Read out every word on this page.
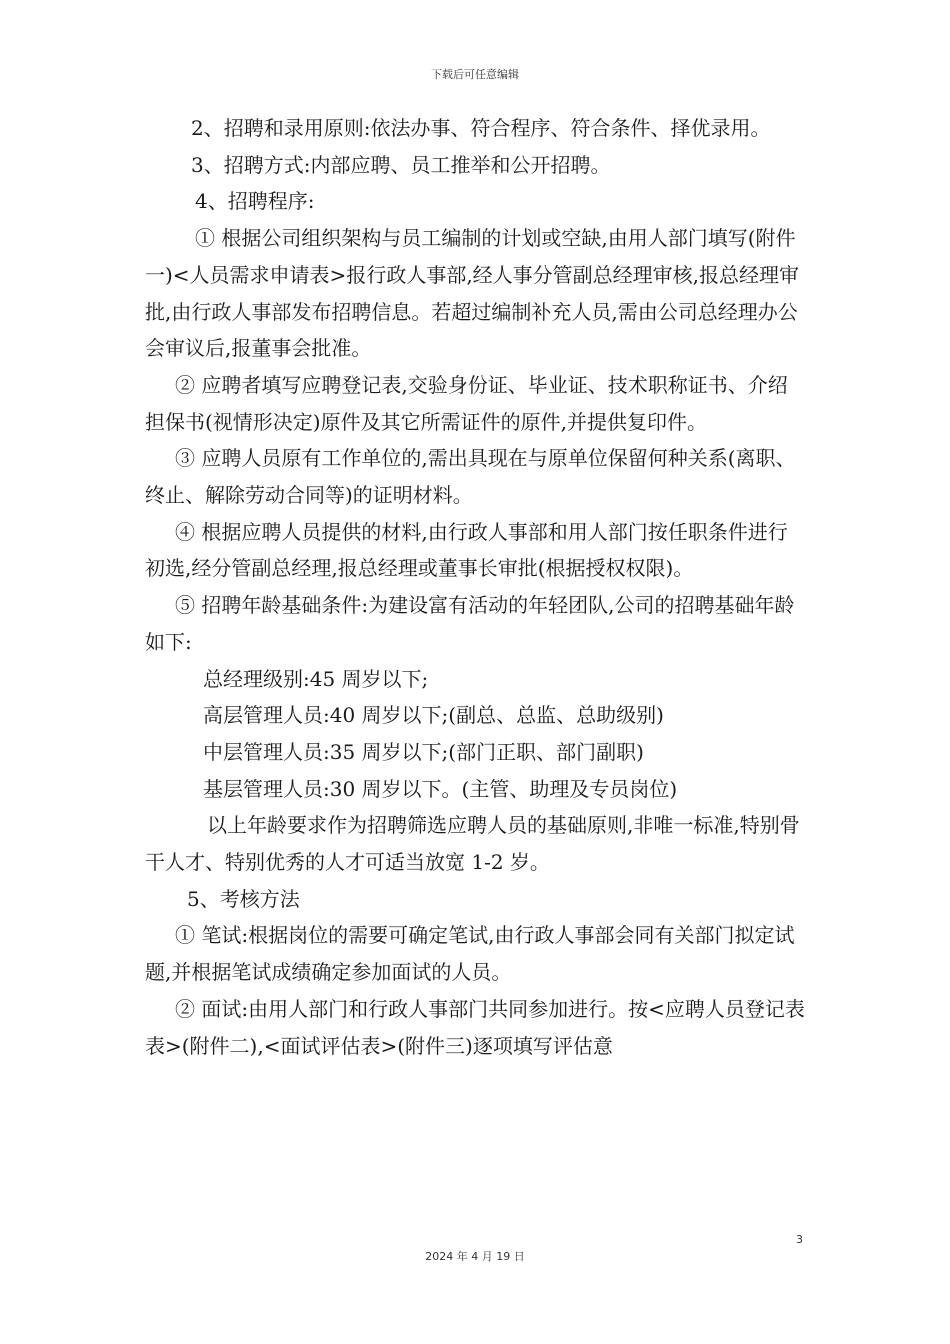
下载后可任意编辑

2、招聘和录用原则:依法办事、符合程序、符合条件、择优录用。

3、招聘方式:内部应聘、员工推举和公开招聘。

4、招聘程序:

① 根据公司组织架构与员工编制的计划或空缺,由用人部门填写(附件一)<人员需求申请表>报行政人事部,经人事分管副总经理审核,报总经理审批,由行政人事部发布招聘信息。若超过编制补充人员,需由公司总经理办公会审议后,报董事会批准。

② 应聘者填写应聘登记表,交验身份证、毕业证、技术职称证书、介绍担保书(视情形决定)原件及其它所需证件的原件,并提供复印件。

③ 应聘人员原有工作单位的,需出具现在与原单位保留何种关系(离职、终止、解除劳动合同等)的证明材料。

④ 根据应聘人员提供的材料,由行政人事部和用人部门按任职条件进行初选,经分管副总经理,报总经理或董事长审批(根据授权权限)。

⑤ 招聘年龄基础条件:为建设富有活动的年轻团队,公司的招聘基础年龄如下:

总经理级别:45 周岁以下;

高层管理人员:40 周岁以下;(副总、总监、总助级别)

中层管理人员:35 周岁以下;(部门正职、部门副职)

基层管理人员:30 周岁以下。(主管、助理及专员岗位)

以上年龄要求作为招聘筛选应聘人员的基础原则,非唯一标准,特别骨干人才、特别优秀的人才可适当放宽 1-2 岁。

5、考核方法

① 笔试:根据岗位的需要可确定笔试,由行政人事部会同有关部门拟定试题,并根据笔试成绩确定参加面试的人员。

② 面试:由用人部门和行政人事部门共同参加进行。按<应聘人员登记表表>(附件二),<面试评估表>(附件三)逐项填写评估意

3
2024 年 4 月 19 日
